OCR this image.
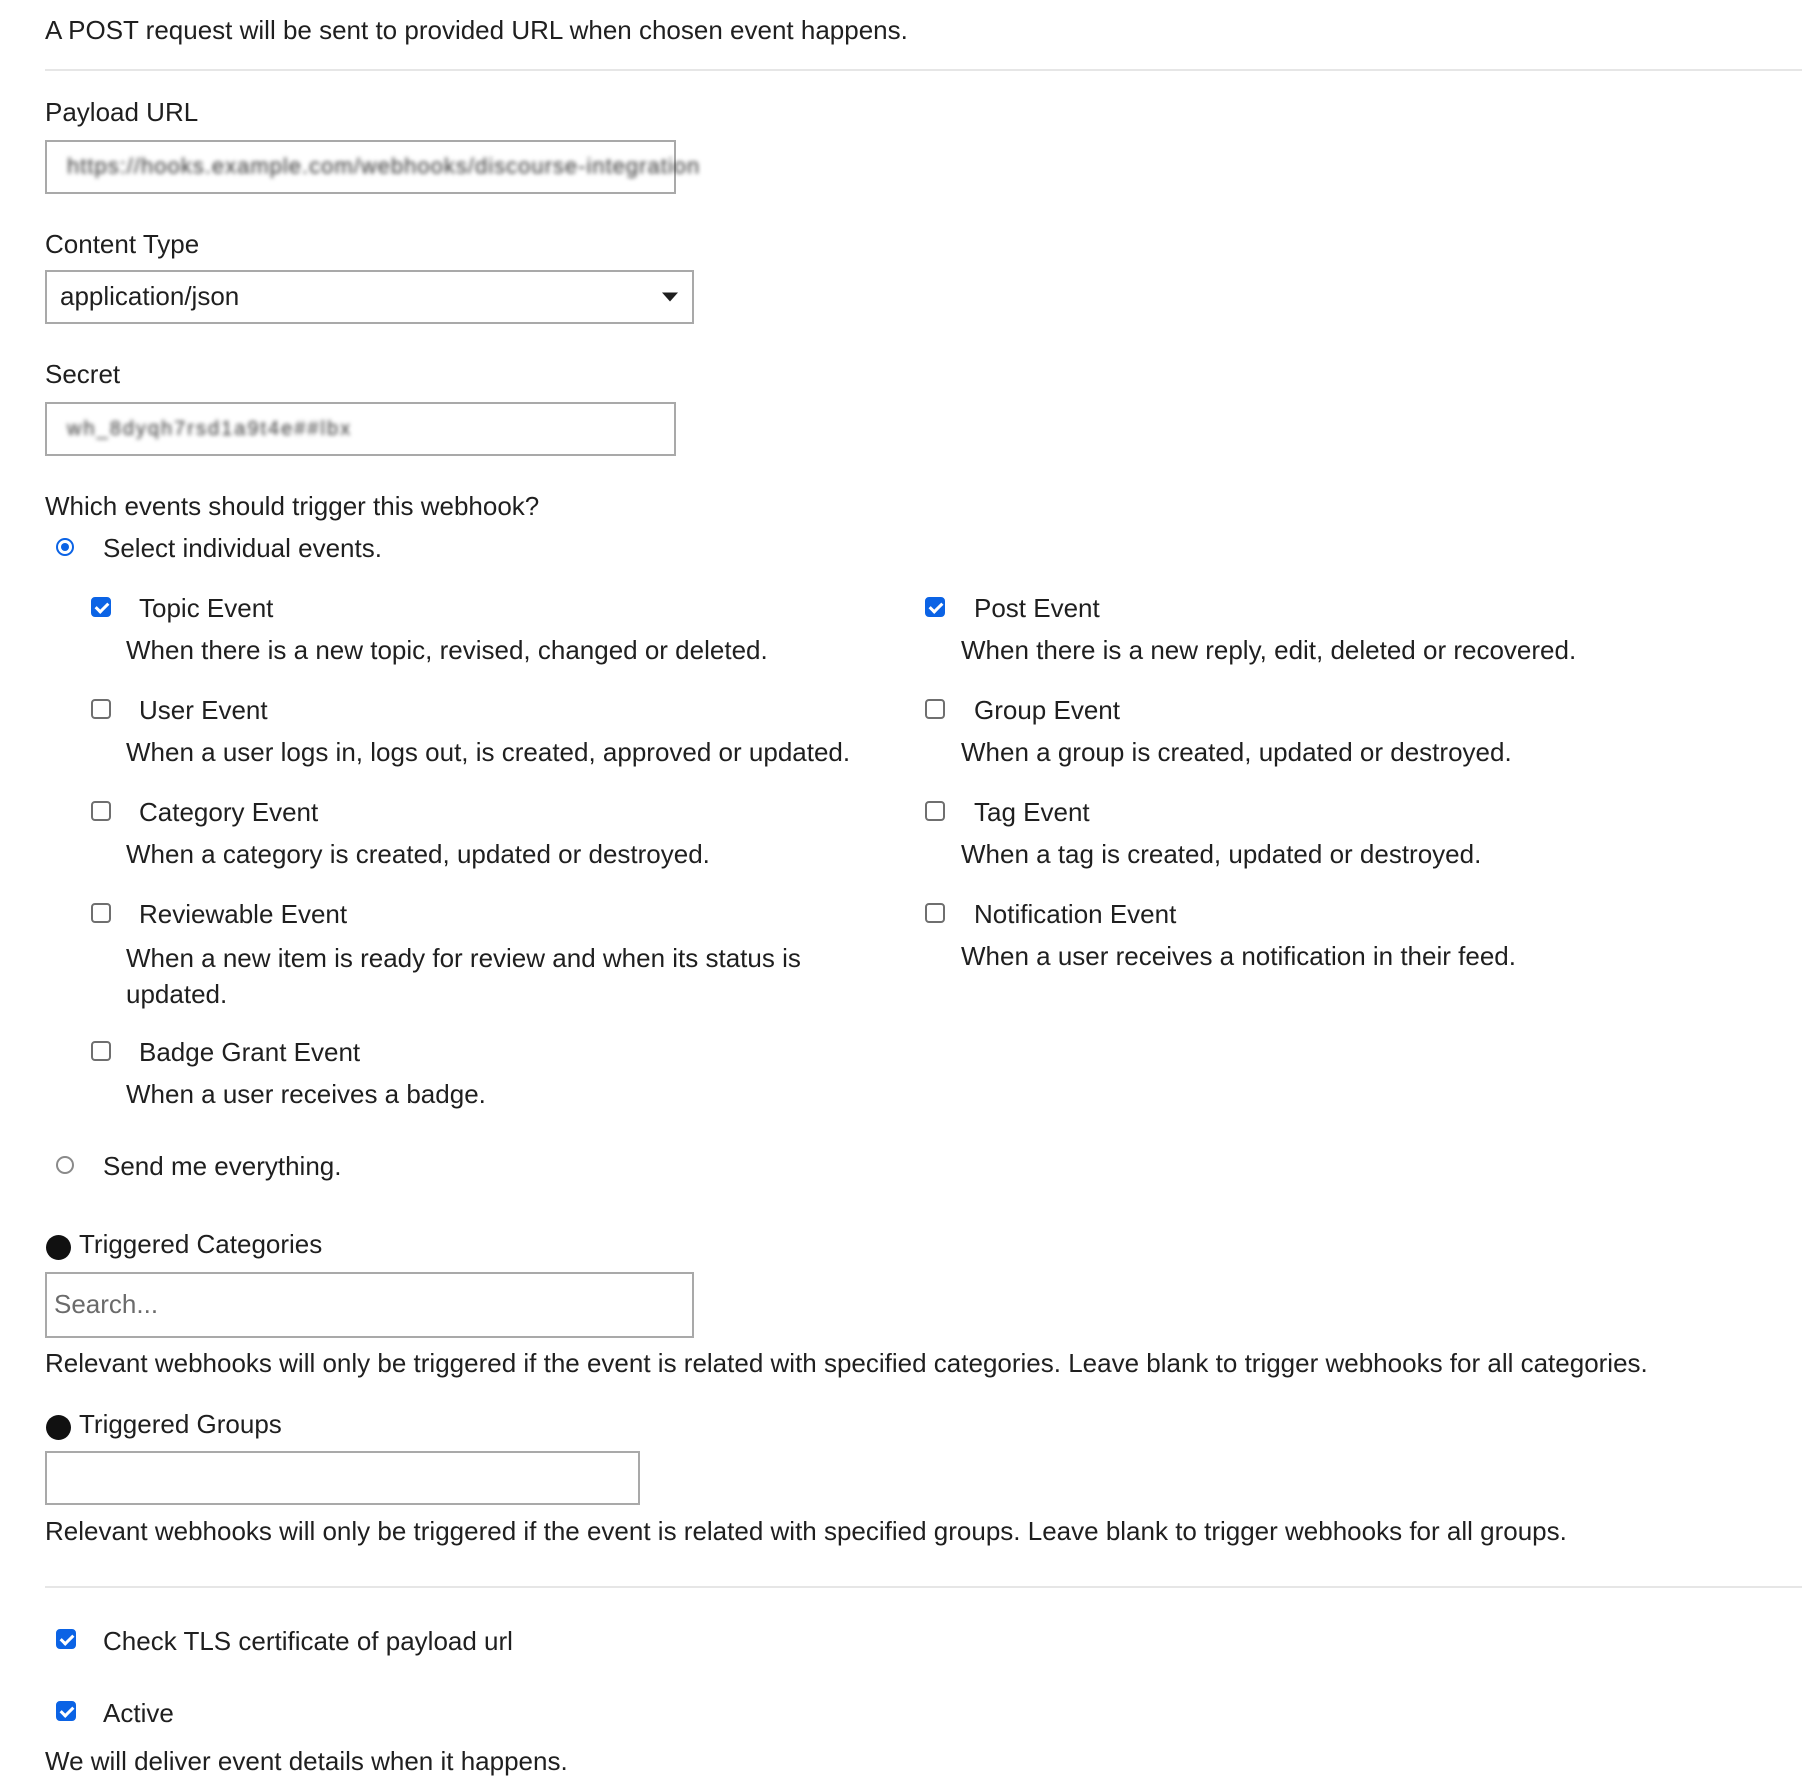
A POST request will be sent to provided URL when chosen event happens.
Payload URL
https://hooks.example.com/webhooks/discourse-integration
Content Type
application/json
Secret
wh_8dyqh7rsd1a9t4e##lbx
Which events should trigger this webhook?
Select individual events.
Topic Event
When there is a new topic, revised, changed or deleted.
User Event
When a user logs in, logs out, is created, approved or updated.
Category Event
When a category is created, updated or destroyed.
Reviewable Event
When a new item is ready for review and when its status is updated.
Badge Grant Event
When a user receives a badge.
Post Event
When there is a new reply, edit, deleted or recovered.
Group Event
When a group is created, updated or destroyed.
Tag Event
When a tag is created, updated or destroyed.
Notification Event
When a user receives a notification in their feed.
Send me everything.
Triggered Categories
Search...
Relevant webhooks will only be triggered if the event is related with specified categories. Leave blank to trigger webhooks for all categories.
Triggered Groups
Relevant webhooks will only be triggered if the event is related with specified groups. Leave blank to trigger webhooks for all groups.
Check TLS certificate of payload url
Active
We will deliver event details when it happens.
